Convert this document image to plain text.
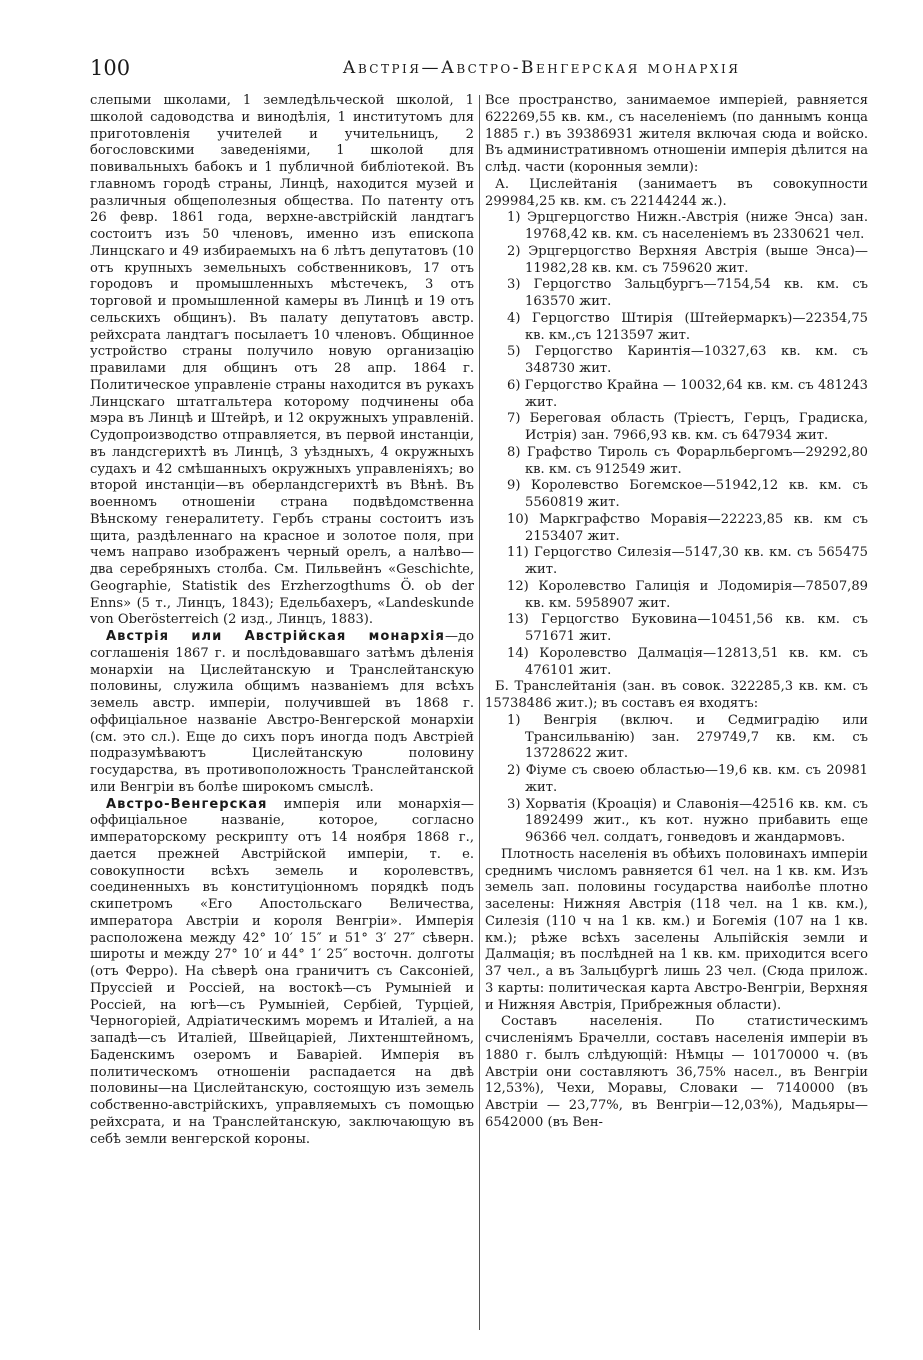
100	Австрія—Австро-Венгерская монархія

слепыми школами, 1 земледѣльческой школой, 1 школой садоводства и винодѣлія, 1 институтомъ для приготовленія учителей и учительницъ, 2 богословскими заведеніями, 1 школой для повивальныхъ бабокъ и 1 публичной библіотекой. Въ главномъ городѣ страны, Линцѣ, находится музей и различныя общеполезныя общества. По патенту отъ 26 февр. 1861 года, верхне-австрійскій ландтагъ состоитъ изъ 50 членовъ, именно изъ епископа Линцскаго и 49 избираемыхъ на 6 лѣтъ депутатовъ (10 отъ крупныхъ земельныхъ собственниковъ, 17 отъ городовъ и промышленныхъ мѣстечекъ, 3 отъ торговой и промышленной камеры въ Линцѣ и 19 отъ сельскихъ общинъ). Въ палату депутатовъ австр. рейхсрата ландтагъ посылаетъ 10 членовъ. Общинное устройство страны получило новую организацію правилами для общинъ отъ 28 апр. 1864 г. Политическое управленіе страны находится въ рукахъ Линцскаго штатгальтера которому подчинены оба мэра въ Линцѣ и Штейрѣ, и 12 окружныхъ управленій. Судопроизводство отправляется, въ первой инстанціи, въ ландсгерихтѣ въ Линцѣ, 3 уѣздныхъ, 4 окружныхъ судахъ и 42 смѣшанныхъ окружныхъ управленіяхъ; во второй инстанціи—въ оберландсгерихтѣ въ Вѣнѣ. Въ военномъ отношеніи страна подвѣдомственна Вѣнскому генералитету. Гербъ страны состоитъ изъ щита, раздѣленнаго на красное и золотое поля, при чемъ направо изображенъ черный орелъ, а налѣво—два серебряныхъ столба. См. Пильвейнъ «Geschichte, Geographie, Statistik des Erzherzogthums Ö. ob der Enns» (5 т., Линцъ, 1843); Едельбахеръ, «Landeskunde von Oberösterreich (2 изд., Линцъ, 1883).

Австрія или Австрійская монархія—до соглашенія 1867 г. и послѣдовавшаго затѣмъ дѣленія монархіи на Цислейтанскую и Транслейтанскую половины, служила общимъ названіемъ для всѣхъ земель австр. имперіи, получившей въ 1868 г. оффиціальное названіе Австро-Венгерской монархіи (см. это сл.). Еще до сихъ поръ иногда подъ Австріей подразумѣваютъ Цислейтанскую половину государства, въ противоположность Транслейтанской или Венгріи въ болѣе широкомъ смыслѣ.

Австро-Венгерская имперія или монархія—оффиціальное названіе, которое, согласно императорскому рескрипту отъ 14 ноября 1868 г., дается прежней Австрійской имперіи, т. е. совокупности всѣхъ земель и королевствъ, соединенныхъ въ конституціонномъ порядкѣ подъ скипетромъ «Его Апостольскаго Величества, императора Австріи и короля Венгріи». Имперія расположена между 42° 10′ 15″ и 51° 3′ 27″ сѣверн. широты и между 27° 10′ и 44° 1′ 25″ восточн. долготы (отъ Ферро). На сѣверѣ она граничитъ съ Саксоніей, Пруссіей и Россіей, на востокѣ—съ Румыніей и Россіей, на югѣ—съ Румыніей, Сербіей, Турціей, Черногоріей, Адріатическимъ моремъ и Италіей, а на западѣ—съ Италіей, Швейцаріей, Лихтенштейномъ, Баденскимъ озеромъ и Баваріей. Имперія въ политическомъ отношеніи распадается на двѣ половины—на Цислейтанскую, состоящую изъ земель собственно-австрійскихъ, управляемыхъ съ помощью рейхсрата, и на Транслейтанскую, заключающую въ себѣ земли венгерской короны.

Все пространство, занимаемое имперіей, равняется 622269,55 кв. км., съ населеніемъ (по даннымъ конца 1885 г.) въ 39386931 жителя включая сюда и войско. Въ административномъ отношеніи имперія дѣлится на слѣд. части (коронныя земли):

А. Цислейтанія (занимаетъ въ совокупности 299984,25 кв. км. съ 22144244 ж.).

1) Эрцгерцогство Нижн.-Австрія (ниже Энса) зан. 19768,42 кв. км. съ населеніемъ въ 2330621 чел.

2) Эрцгерцогство Верхняя Австрія (выше Энса)—11982,28 кв. км. съ 759620 жит.

3) Герцогство Зальцбургъ—7154,54 кв. км. съ 163570 жит.

4) Герцогство Штирія (Штейермаркъ)—22354,75 кв. км.,съ 1213597 жит.

5) Герцогство Каринтія—10327,63 кв. км. съ 348730 жит.

6) Герцогство Крайна — 10032,64 кв. км. съ 481243 жит.

7) Береговая область (Тріестъ, Герцъ, Градиска, Истрія) зан. 7966,93 кв. км. съ 647934 жит.

8) Графство Тироль съ Форарльбергомъ—29292,80 кв. км. съ 912549 жит.

9) Королевство Богемское—51942,12 кв. км. съ 5560819 жит.

10) Маркграфство Моравія—22223,85 кв. км съ 2153407 жит.

11) Герцогство Силезія—5147,30 кв. км. съ 565475 жит.

12) Королевство Галиція и Лодомирія—78507,89 кв. км. 5958907 жит.

13) Герцогство Буковина—10451,56 кв. км. съ 571671 жит.

14) Королевство Далмація—12813,51 кв. км. съ 476101 жит.

Б. Транслейтанія (зан. въ совок. 322285,3 кв. км. съ 15738486 жит.); въ составъ ея входятъ:

1) Венгрія (включ. и Седмиградію или Трансильванію) зан. 279749,7 кв. км. съ 13728622 жит.

2) Фіуме съ своею областью—19,6 кв. км. съ 20981 жит.

3) Хорватія (Кроація) и Славонія—42516 кв. км. съ 1892499 жит., къ кот. нужно прибавить еще 96366 чел. солдатъ, гонведовъ и жандармовъ.

Плотность населенія въ обѣихъ половинахъ имперіи среднимъ числомъ равняется 61 чел. на 1 кв. км. Изъ земель зап. половины государства наиболѣе плотно заселены: Нижняя Австрія (118 чел. на 1 кв. км.), Силезія (110 ч на 1 кв. км.) и Богемія (107 на 1 кв. км.); рѣже всѣхъ заселены Альпійскія земли и Далмація; въ послѣдней на 1 кв. км. приходится всего 37 чел., а въ Зальцбургѣ лишь 23 чел. (Сюда прилож. 3 карты: политическая карта Австро-Венгріи, Верхняя и Нижняя Австрія, Прибрежныя области).

Составъ населенія. По статистическимъ счисленіямъ Брачелли, составъ населенія имперіи въ 1880 г. былъ слѣдующій: Нѣмцы — 10170000 ч. (въ Австріи они составляютъ 36,75% насел., въ Венгріи 12,53%), Чехи, Моравы, Словаки — 7140000 (въ Австріи — 23,77%, въ Венгріи—12,03%), Мадьяры—6542000 (въ Вен-
